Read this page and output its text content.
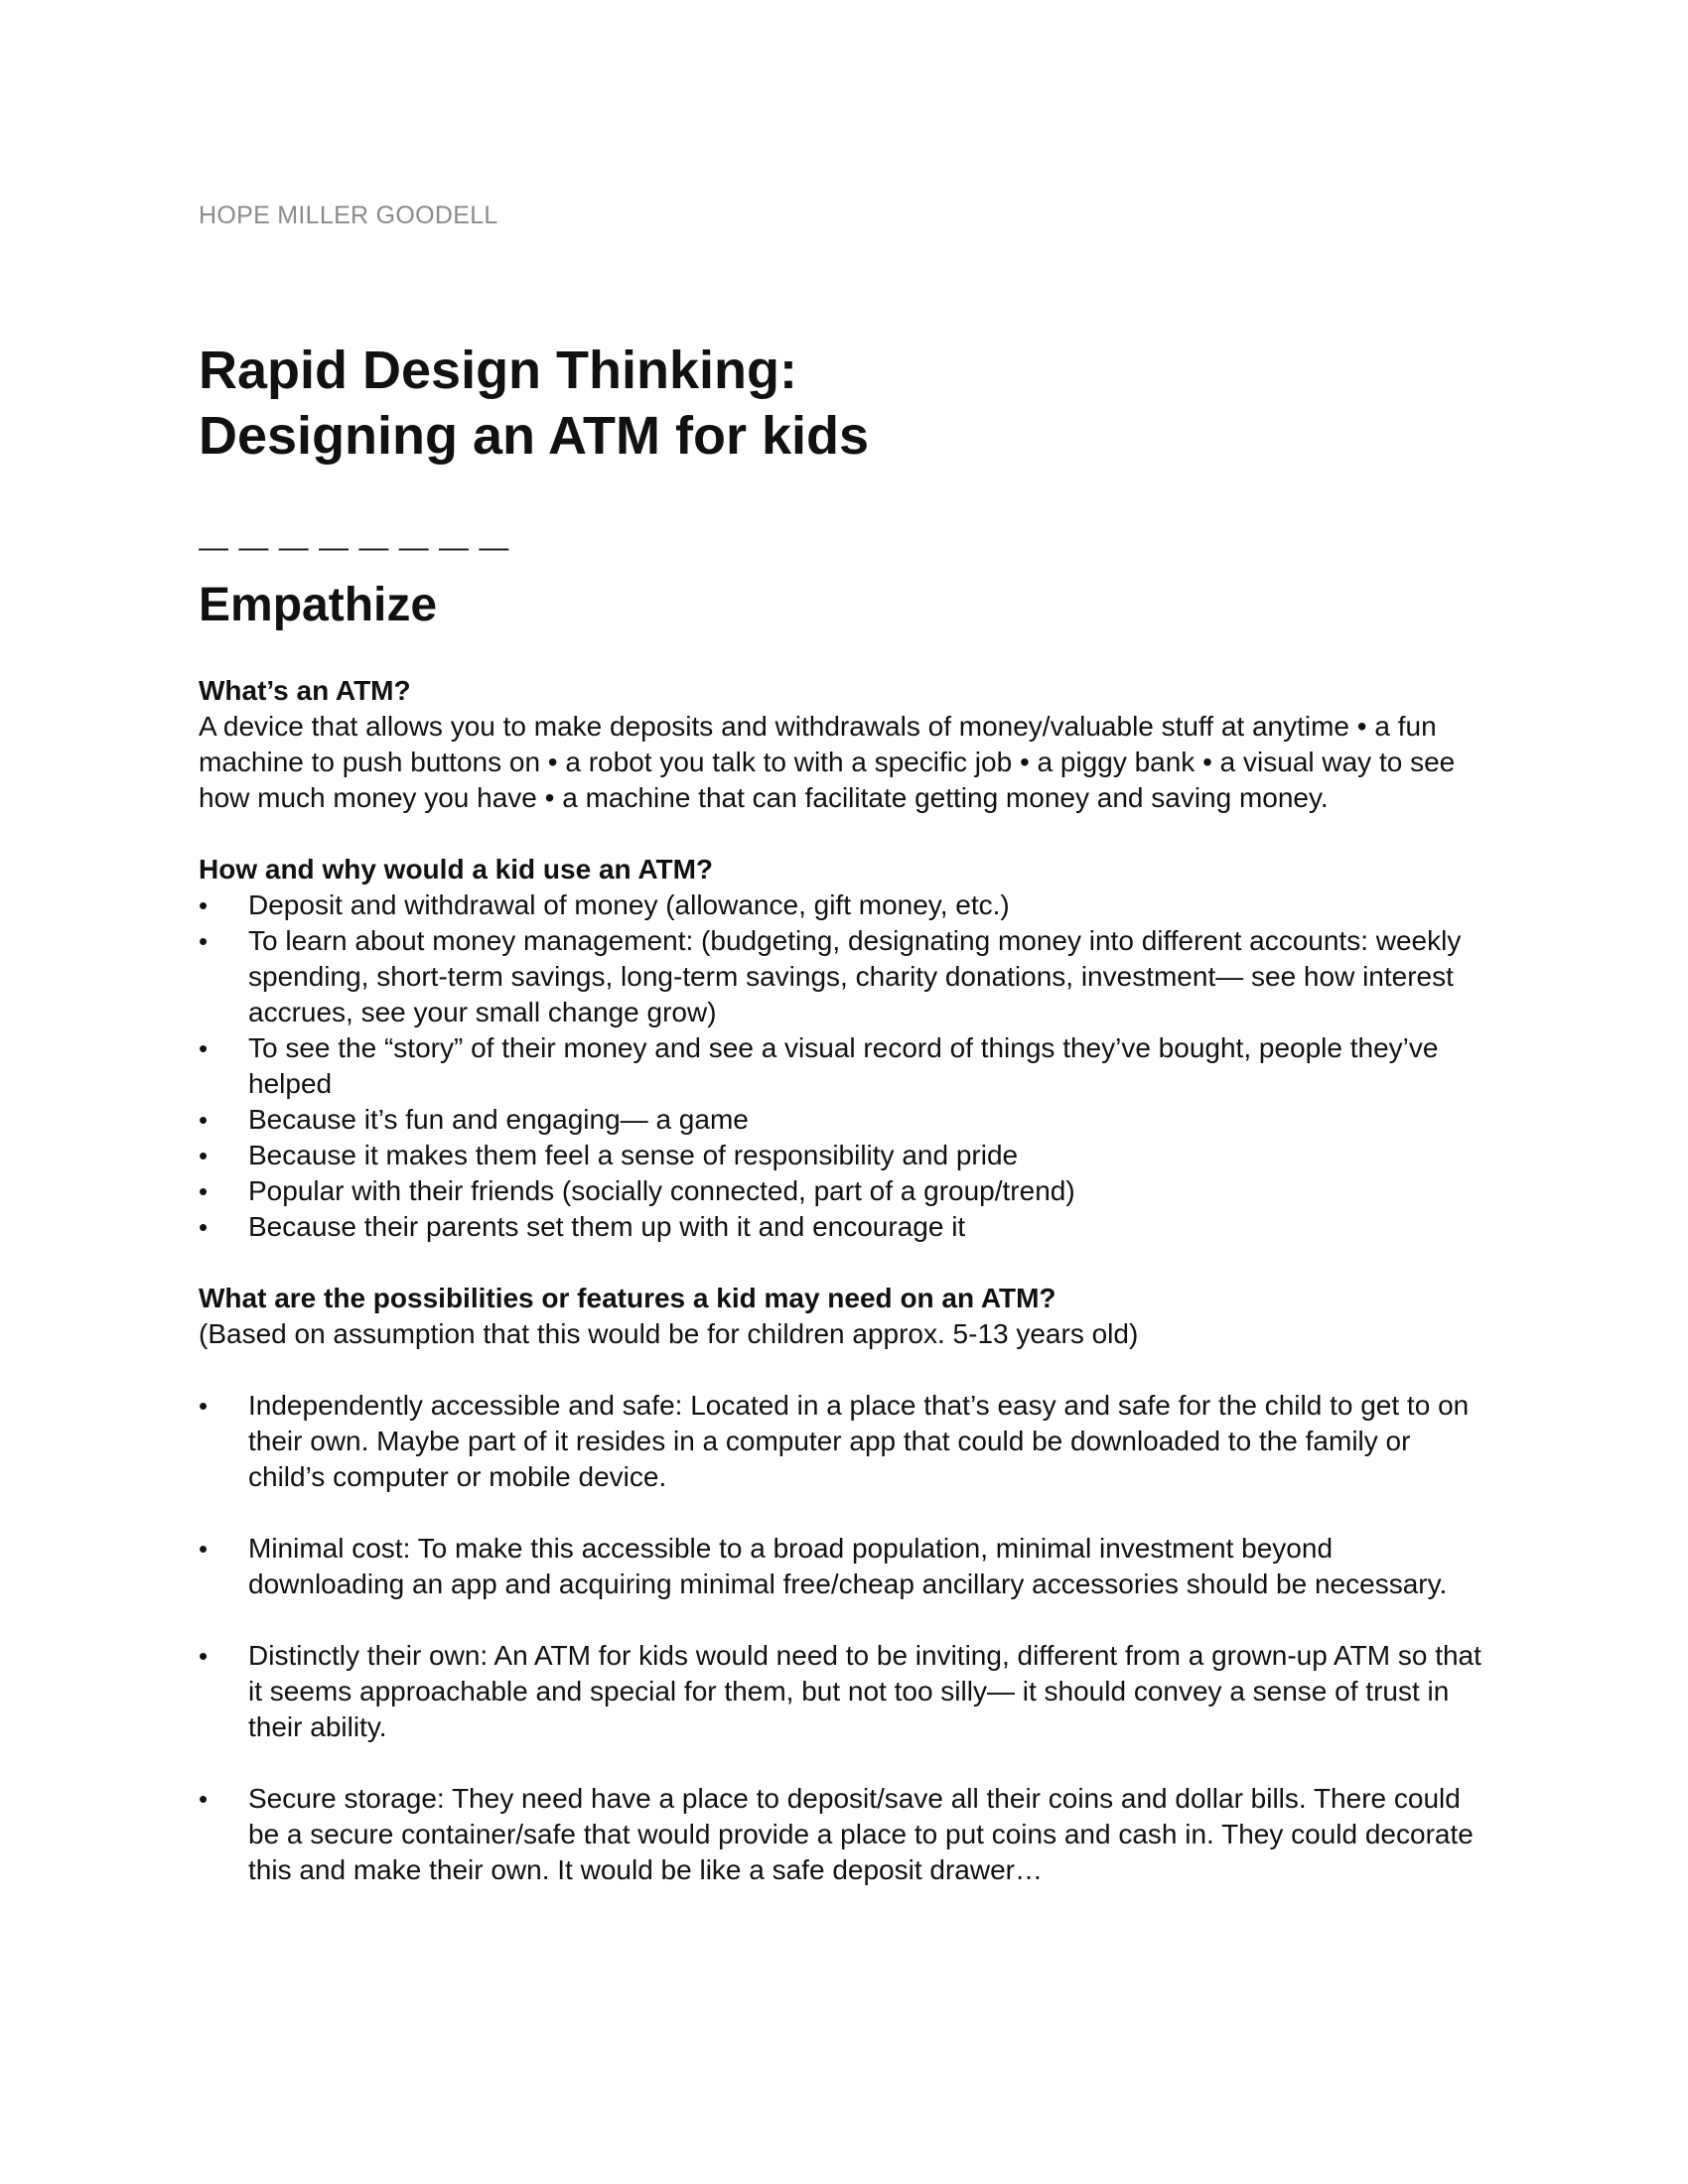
HOPE MILLER GOODELL
Rapid Design Thinking:
Designing an ATM for kids
— — — — — — — —
Empathize

What’s an ATM?

A device that allows you to make deposits and withdrawals of money/valuable stuff at anytime • a fun machine to push buttons on • a robot you talk to with a specific job • a piggy bank • a visual way to see how much money you have • a machine that can facilitate getting money and saving money.

How and why would a kid use an ATM?

•	Deposit and withdrawal of money (allowance, gift money, etc.)
•	To learn about money management: (budgeting, designating money into different accounts: weekly spending, short-term savings, long-term savings, charity donations, investment— see how interest accrues, see your small change grow)
•	To see the “story” of their money and see a visual record of things they’ve bought, people they’ve helped
•	Because it’s fun and engaging— a game
•	Because it makes them feel a sense of responsibility and pride
•	Popular with their friends (socially connected, part of a group/trend)
•	Because their parents set them up with it and encourage it

What are the possibilities or features a kid may need on an ATM?

(Based on assumption that this would be for children approx. 5-13 years old)

•	Independently accessible and safe: Located in a place that’s easy and safe for the child to get to on their own. Maybe part of it resides in a computer app that could be downloaded to the family or child’s computer or mobile device.
•	Minimal cost: To make this accessible to a broad population, minimal investment beyond downloading an app and acquiring minimal free/cheap ancillary accessories should be necessary.
•	Distinctly their own: An ATM for kids would need to be inviting, different from a grown-up ATM so that it seems approachable and special for them, but not too silly— it should convey a sense of trust in their ability.
•	Secure storage: They need have a place to deposit/save all their coins and dollar bills. There could be a secure container/safe that would provide a place to put coins and cash in. They could decorate this and make their own. It would be like a safe deposit drawer…
